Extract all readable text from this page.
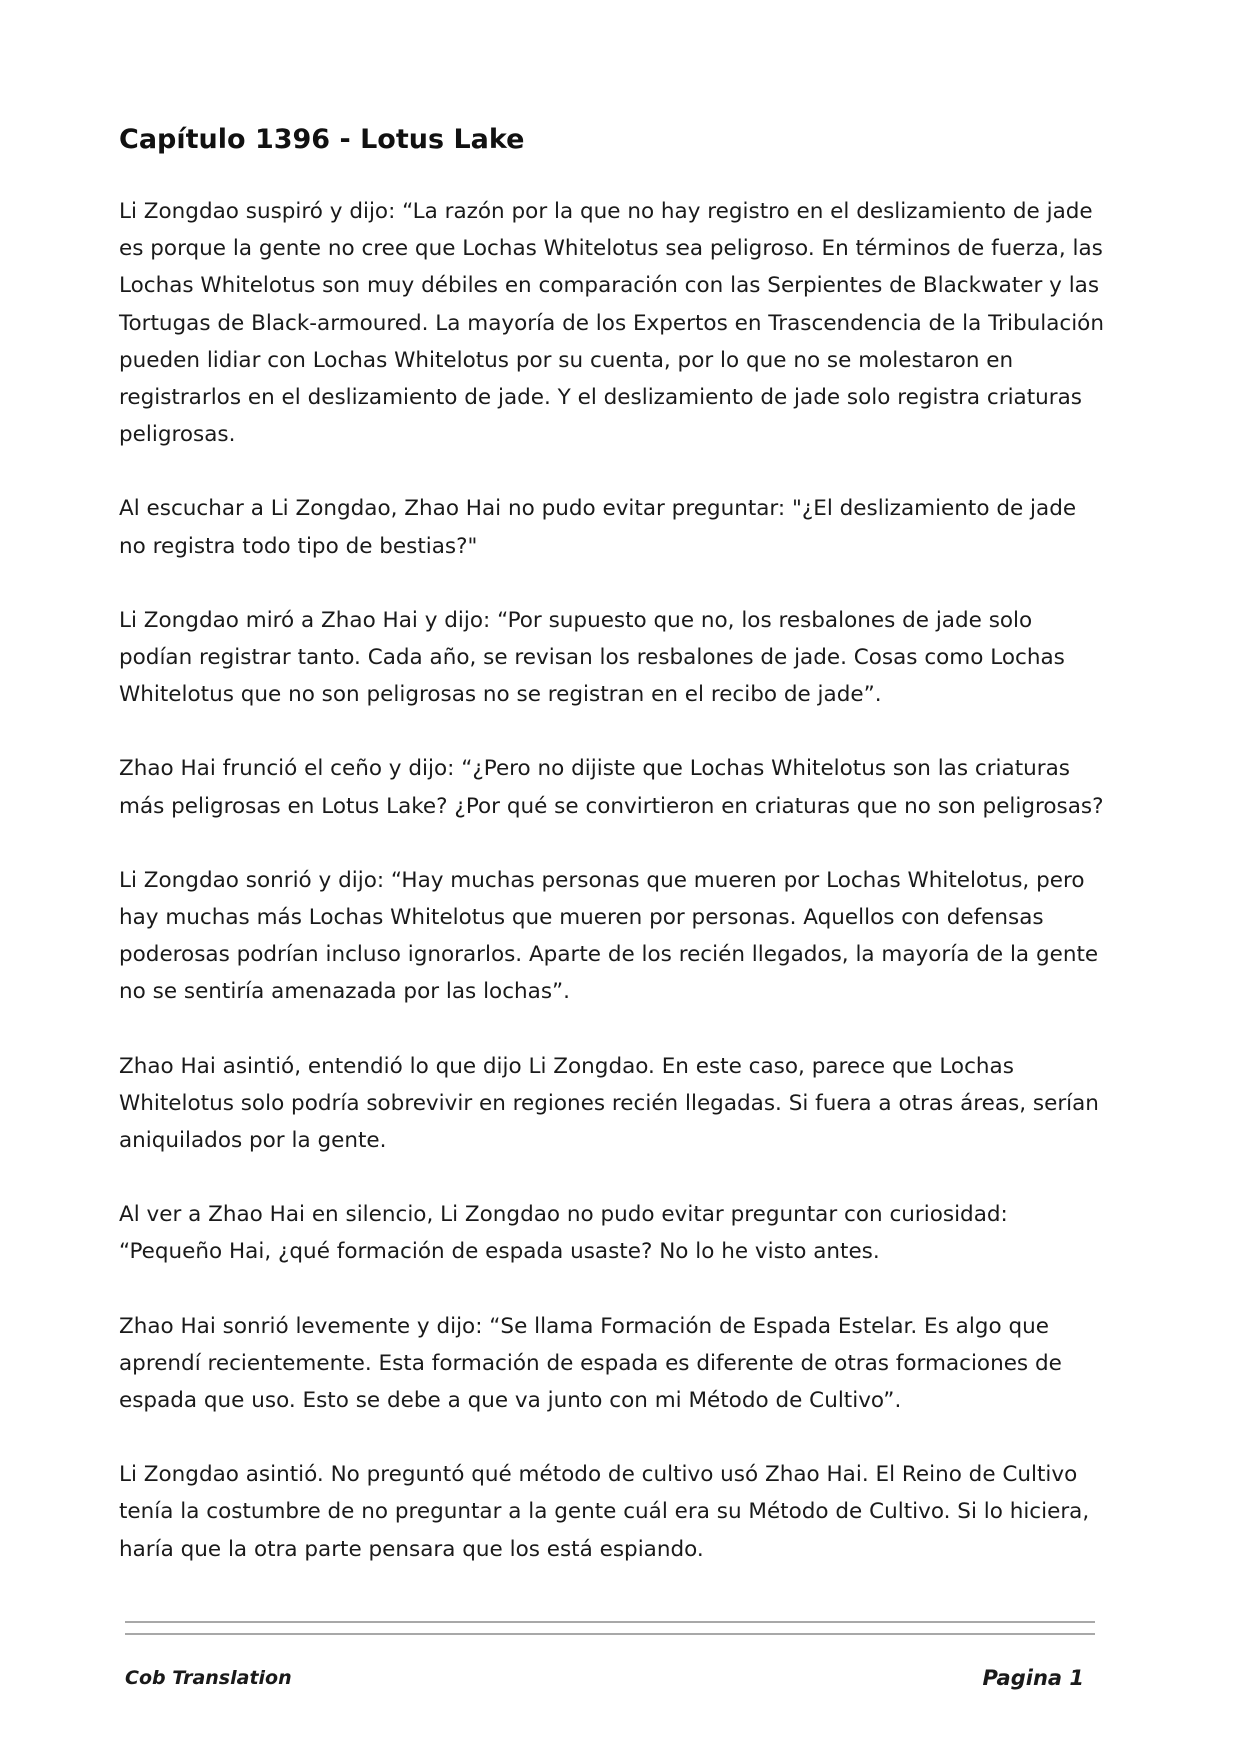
Capítulo 1396 - Lotus Lake

Li Zongdao suspiró y dijo: “La razón por la que no hay registro en el deslizamiento de jade es porque la gente no cree que Lochas Whitelotus sea peligroso. En términos de fuerza, las Lochas Whitelotus son muy débiles en comparación con las Serpientes de Blackwater y las Tortugas de Black-armoured. La mayoría de los Expertos en Trascendencia de la Tribulación pueden lidiar con Lochas Whitelotus por su cuenta, por lo que no se molestaron en registrarlos en el deslizamiento de jade. Y el deslizamiento de jade solo registra criaturas peligrosas.

Al escuchar a Li Zongdao, Zhao Hai no pudo evitar preguntar: "¿El deslizamiento de jade no registra todo tipo de bestias?"

Li Zongdao miró a Zhao Hai y dijo: “Por supuesto que no, los resbalones de jade solo podían registrar tanto. Cada año, se revisan los resbalones de jade. Cosas como Lochas Whitelotus que no son peligrosas no se registran en el recibo de jade”.

Zhao Hai frunció el ceño y dijo: “¿Pero no dijiste que Lochas Whitelotus son las criaturas más peligrosas en Lotus Lake? ¿Por qué se convirtieron en criaturas que no son peligrosas?

Li Zongdao sonrió y dijo: “Hay muchas personas que mueren por Lochas Whitelotus, pero hay muchas más Lochas Whitelotus que mueren por personas. Aquellos con defensas poderosas podrían incluso ignorarlos. Aparte de los recién llegados, la mayoría de la gente no se sentiría amenazada por las lochas”.

Zhao Hai asintió, entendió lo que dijo Li Zongdao. En este caso, parece que Lochas Whitelotus solo podría sobrevivir en regiones recién llegadas. Si fuera a otras áreas, serían aniquilados por la gente.

Al ver a Zhao Hai en silencio, Li Zongdao no pudo evitar preguntar con curiosidad: “Pequeño Hai, ¿qué formación de espada usaste? No lo he visto antes.

Zhao Hai sonrió levemente y dijo: “Se llama Formación de Espada Estelar. Es algo que aprendí recientemente. Esta formación de espada es diferente de otras formaciones de espada que uso. Esto se debe a que va junto con mi Método de Cultivo”.

Li Zongdao asintió. No preguntó qué método de cultivo usó Zhao Hai. El Reino de Cultivo tenía la costumbre de no preguntar a la gente cuál era su Método de Cultivo. Si lo hiciera, haría que la otra parte pensara que los está espiando.

Cob Translation	Pagina 1
